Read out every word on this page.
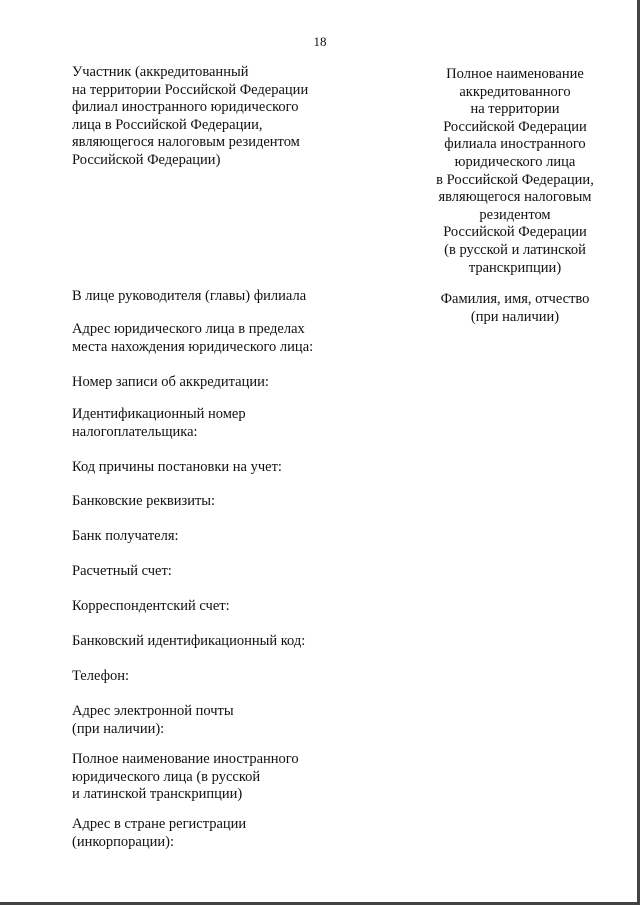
18
Участник (аккредитованный
на территории Российской Федерации
филиал иностранного юридического
лица в Российской Федерации,
являющегося налоговым резидентом
Российской Федерации)
Полное наименование
аккредитованного
на территории
Российской Федерации
филиала иностранного
юридического лица
в Российской Федерации,
являющегося налоговым
резидентом
Российской Федерации
(в русской и латинской
транскрипции)
В лице руководителя (главы) филиала	Фамилия, имя, отчество
(при наличии)
Адрес юридического лица в пределах
места нахождения юридического лица:
Номер записи об аккредитации:
Идентификационный номер
налогоплательщика:
Код причины постановки на учет:
Банковские реквизиты:
Банк получателя:
Расчетный счет:
Корреспондентский счет:
Банковский идентификационный код:
Телефон:
Адрес электронной почты
(при наличии):
Полное наименование иностранного
юридического лица (в русской
и латинской транскрипции)
Адрес в стране регистрации
(инкорпорации):
